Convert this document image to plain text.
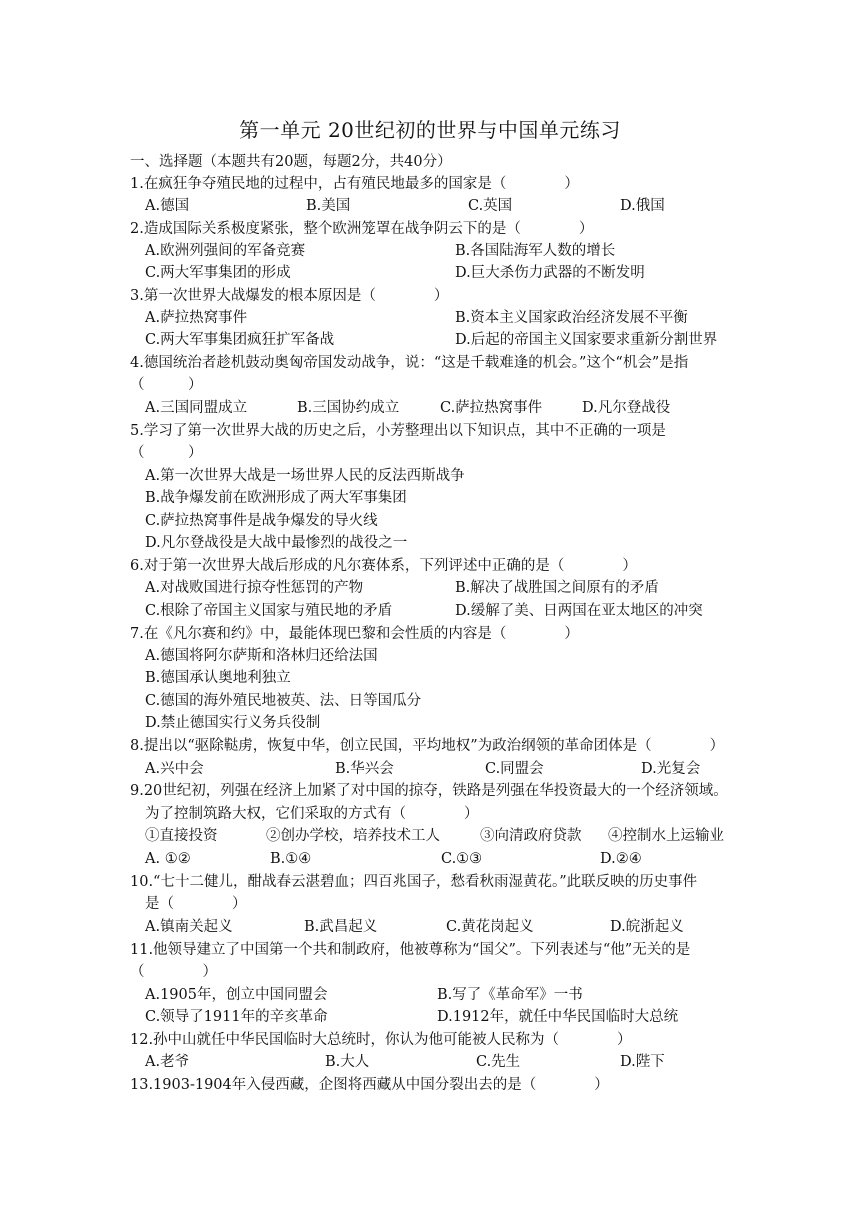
第一单元 20世纪初的世界与中国单元练习
一、选择题（本题共有20题，每题2分，共40分）
1.在疯狂争夺殖民地的过程中，占有殖民地最多的国家是（　　　　）
A.德国	B.美国	C.英国	D.俄国
2.造成国际关系极度紧张，整个欧洲笼罩在战争阴云下的是（　　　　）
A.欧洲列强间的军备竞赛	B.各国陆海军人数的增长
C.两大军事集团的形成	D.巨大杀伤力武器的不断发明
3.第一次世界大战爆发的根本原因是（　　　　）
A.萨拉热窝事件	B.资本主义国家政治经济发展不平衡
C.两大军事集团疯狂扩军备战	D.后起的帝国主义国家要求重新分割世界
4.德国统治者趁机鼓动奥匈帝国发动战争，说：“这是千载难逢的机会。”这个“机会”是指
（　　　）
A.三国同盟成立	B.三国协约成立	C.萨拉热窝事件	D.凡尔登战役
5.学习了第一次世界大战的历史之后，小芳整理出以下知识点，其中不正确的一项是
（　　　）
A.第一次世界大战是一场世界人民的反法西斯战争
B.战争爆发前在欧洲形成了两大军事集团
C.萨拉热窝事件是战争爆发的导火线
D.凡尔登战役是大战中最惨烈的战役之一
6.对于第一次世界大战后形成的凡尔赛体系，下列评述中正确的是（　　　　）
A.对战败国进行掠夺性惩罚的产物	B.解决了战胜国之间原有的矛盾
C.根除了帝国主义国家与殖民地的矛盾	D.缓解了美、日两国在亚太地区的冲突
7.在《凡尔赛和约》中，最能体现巴黎和会性质的内容是（　　　　）
A.德国将阿尔萨斯和洛林归还给法国
B.德国承认奥地利独立
C.德国的海外殖民地被英、法、日等国瓜分
D.禁止德国实行义务兵役制
8.提出以“驱除鞑虏，恢复中华，创立民国，平均地权”为政治纲领的革命团体是（　　　　）
A.兴中会	B.华兴会	C.同盟会	D.光复会
9.20世纪初，列强在经济上加紧了对中国的掠夺，铁路是列强在华投资最大的一个经济领域。
为了控制筑路大权，它们采取的方式有（　　　　）
①直接投资	②创办学校，培养技术工人	③向清政府贷款 ④控制水上运输业
A. ①②	B.①④	C.①③	D.②④
10.“七十二健儿，酣战春云湛碧血；四百兆国子，愁看秋雨湿黄花。”此联反映的历史事件
是（　　　　）
A.镇南关起义	B.武昌起义	C.黄花岗起义	D.皖浙起义
11.他领导建立了中国第一个共和制政府，他被尊称为“国父”。下列表述与“他”无关的是
（　　　　）
A.1905年，创立中国同盟会	B.写了《革命军》一书
C.领导了1911年的辛亥革命	D.1912年，就任中华民国临时大总统
12.孙中山就任中华民国临时大总统时，你认为他可能被人民称为（　　　　）
A.老爷	B.大人	C.先生	D.陛下
13.1903-1904年入侵西藏，企图将西藏从中国分裂出去的是（　　　　）
